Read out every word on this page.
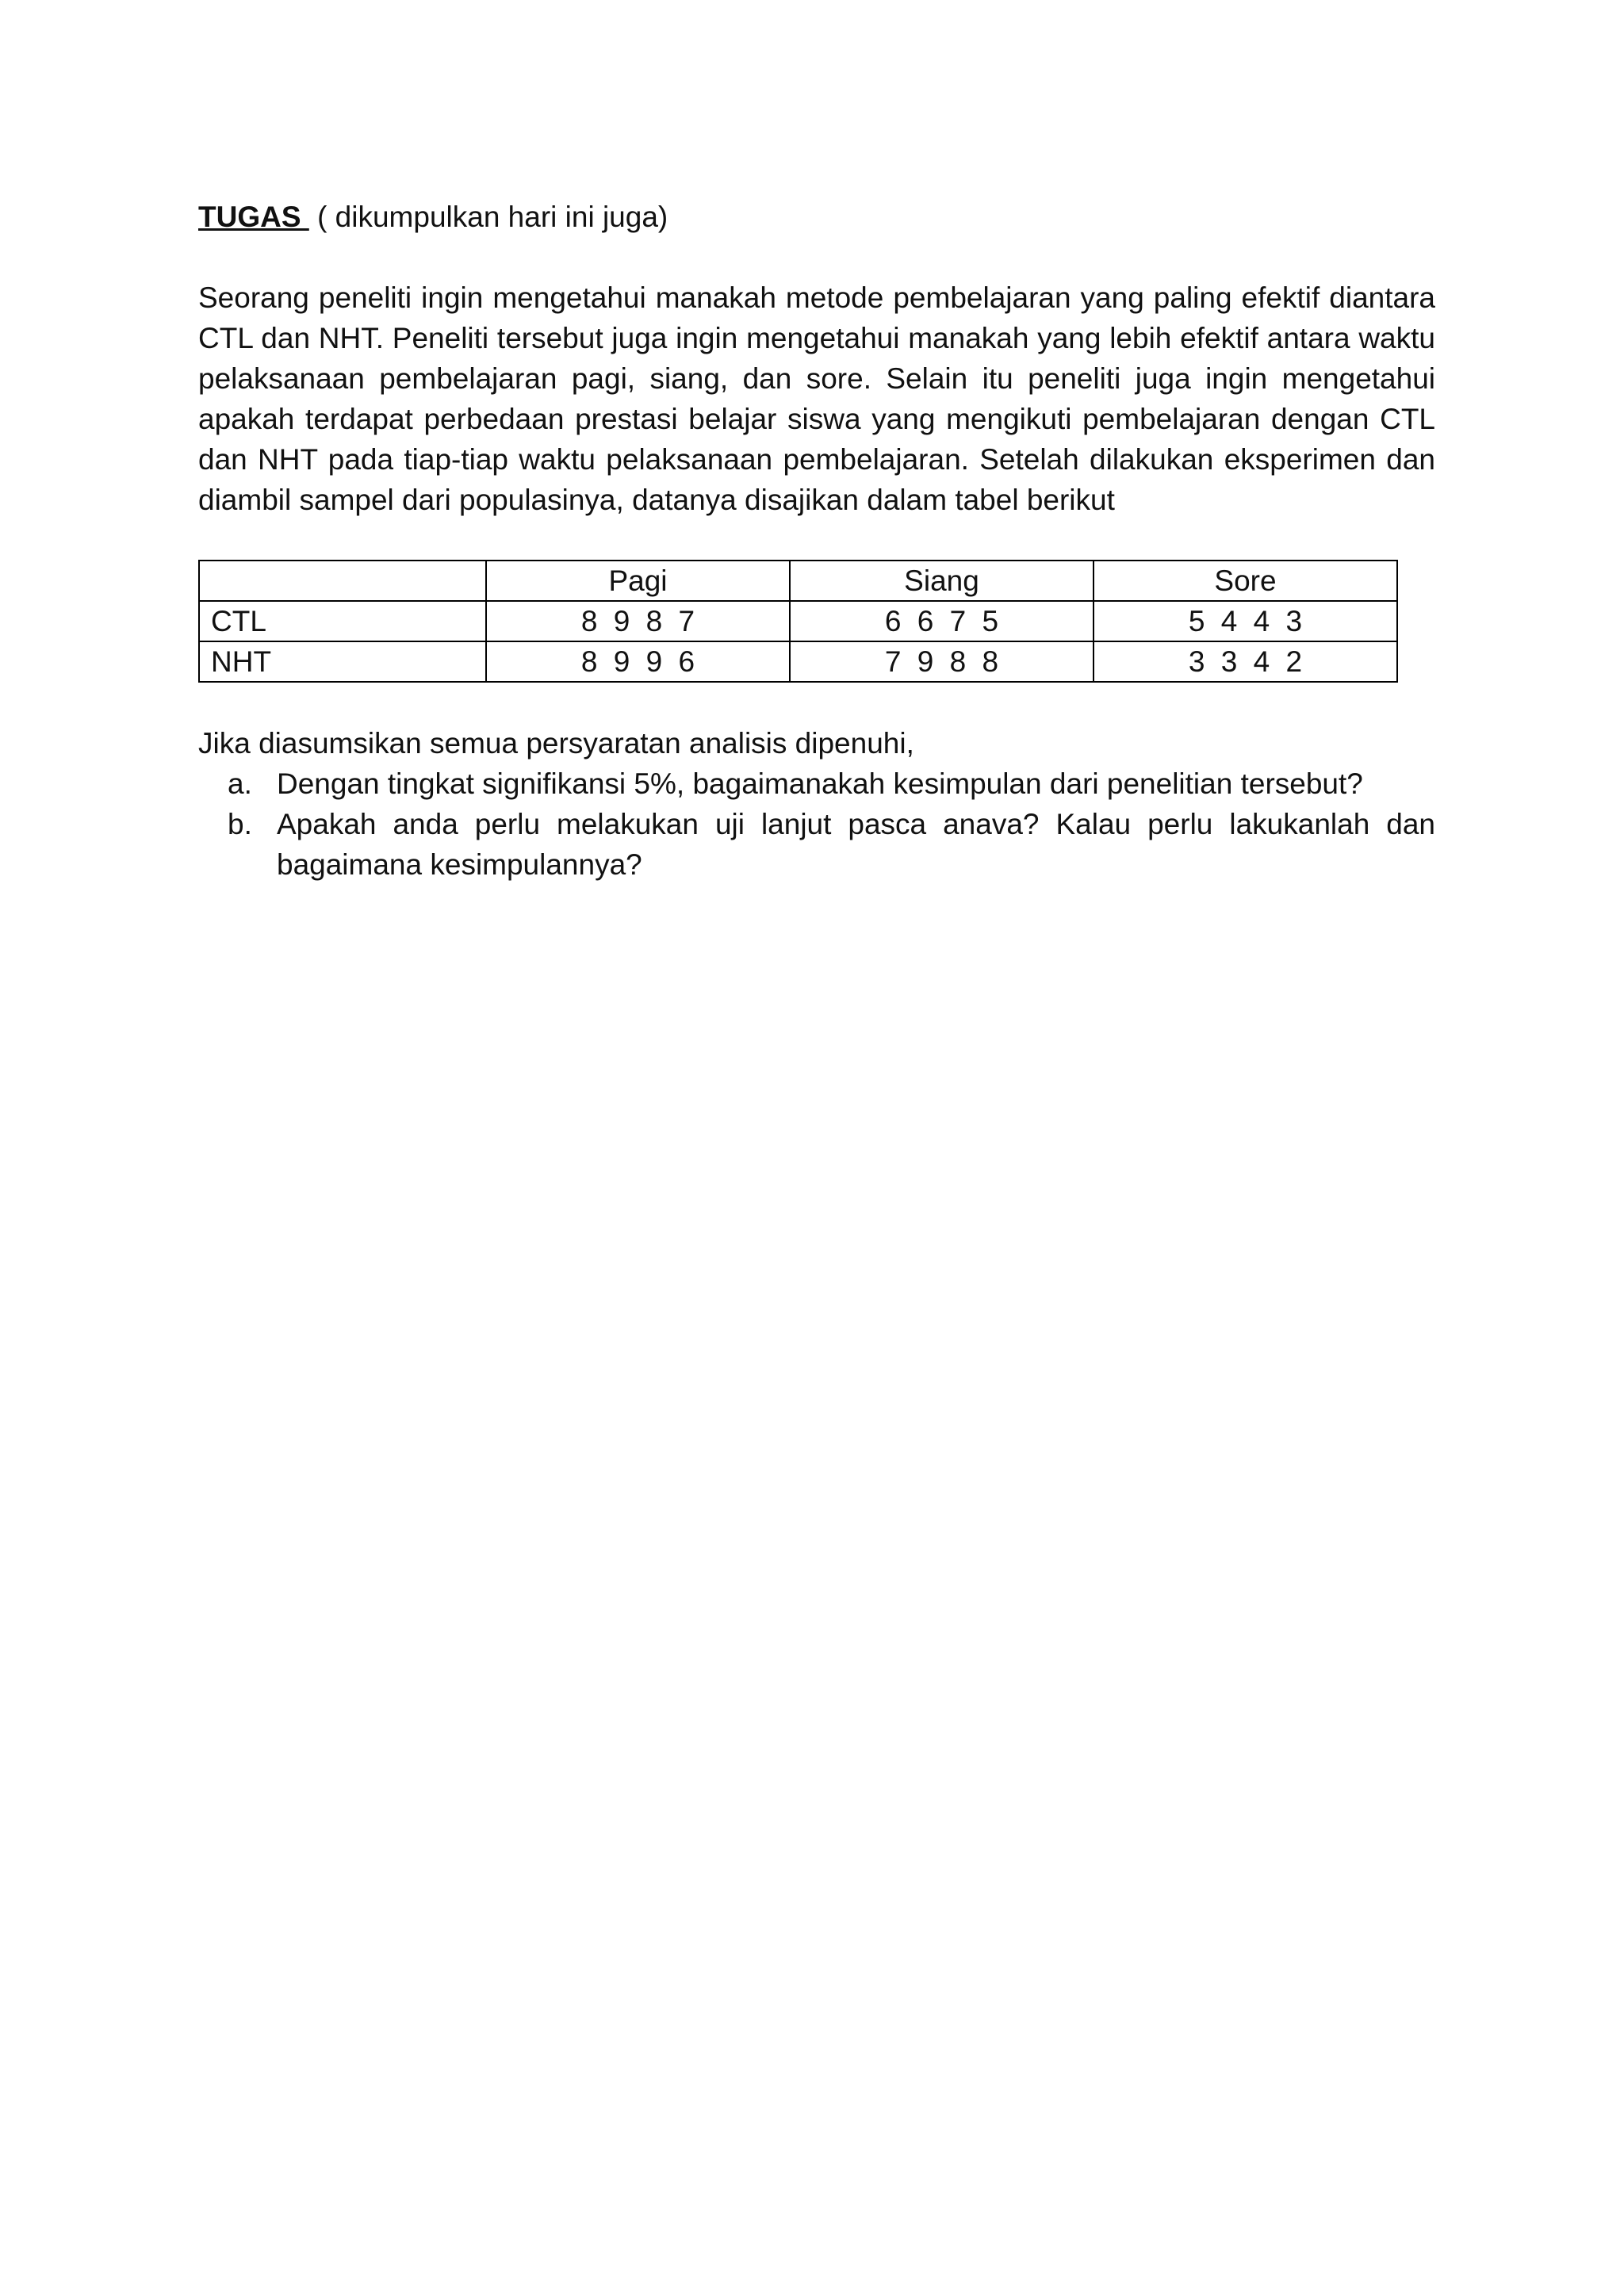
TUGAS ( dikumpulkan hari ini juga)

Seorang peneliti ingin mengetahui manakah metode pembelajaran yang paling efektif diantara CTL dan NHT. Peneliti tersebut juga ingin mengetahui manakah yang lebih efektif antara waktu pelaksanaan pembelajaran pagi, siang, dan sore. Selain itu peneliti juga ingin mengetahui apakah terdapat perbedaan prestasi belajar siswa yang mengikuti pembelajaran dengan CTL dan NHT pada tiap-tiap waktu pelaksanaan pembelajaran. Setelah dilakukan eksperimen dan diambil sampel dari populasinya, datanya disajikan dalam tabel berikut

	Pagi	Siang	Sore
CTL	8 9 8 7	6 6 7 5	5 4 4 3
NHT	8 9 9 6	7 9 8 8	3 3 4 2

Jika diasumsikan semua persyaratan analisis dipenuhi,

a. Dengan tingkat signifikansi 5%, bagaimanakah kesimpulan dari penelitian tersebut?
b. Apakah anda perlu melakukan uji lanjut pasca anava? Kalau perlu lakukanlah dan bagaimana kesimpulannya?
